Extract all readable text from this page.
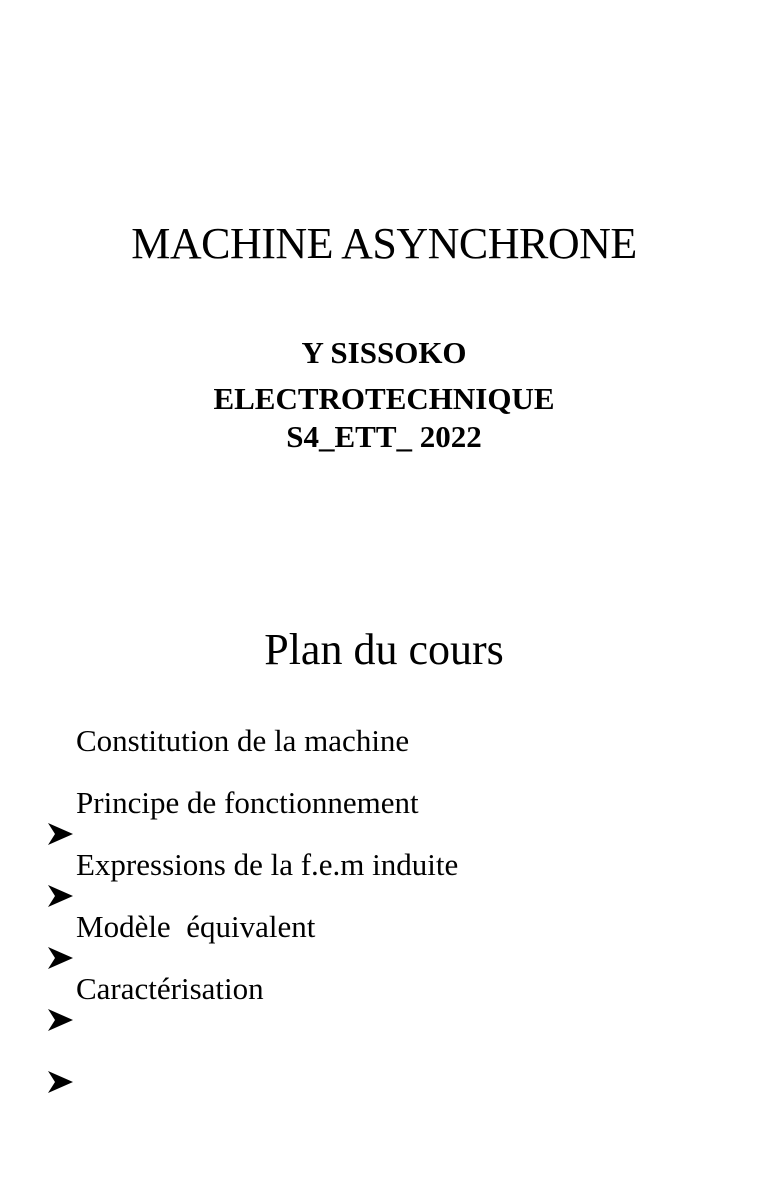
MACHINE ASYNCHRONE
Y SISSOKO
ELECTROTECHNIQUE
S4_ETT_ 2022
Plan du cours

Constitution de la machine

Principe de fonctionnement

Expressions de la f.e.m induite

Modèle  équivalent

Caractérisation
